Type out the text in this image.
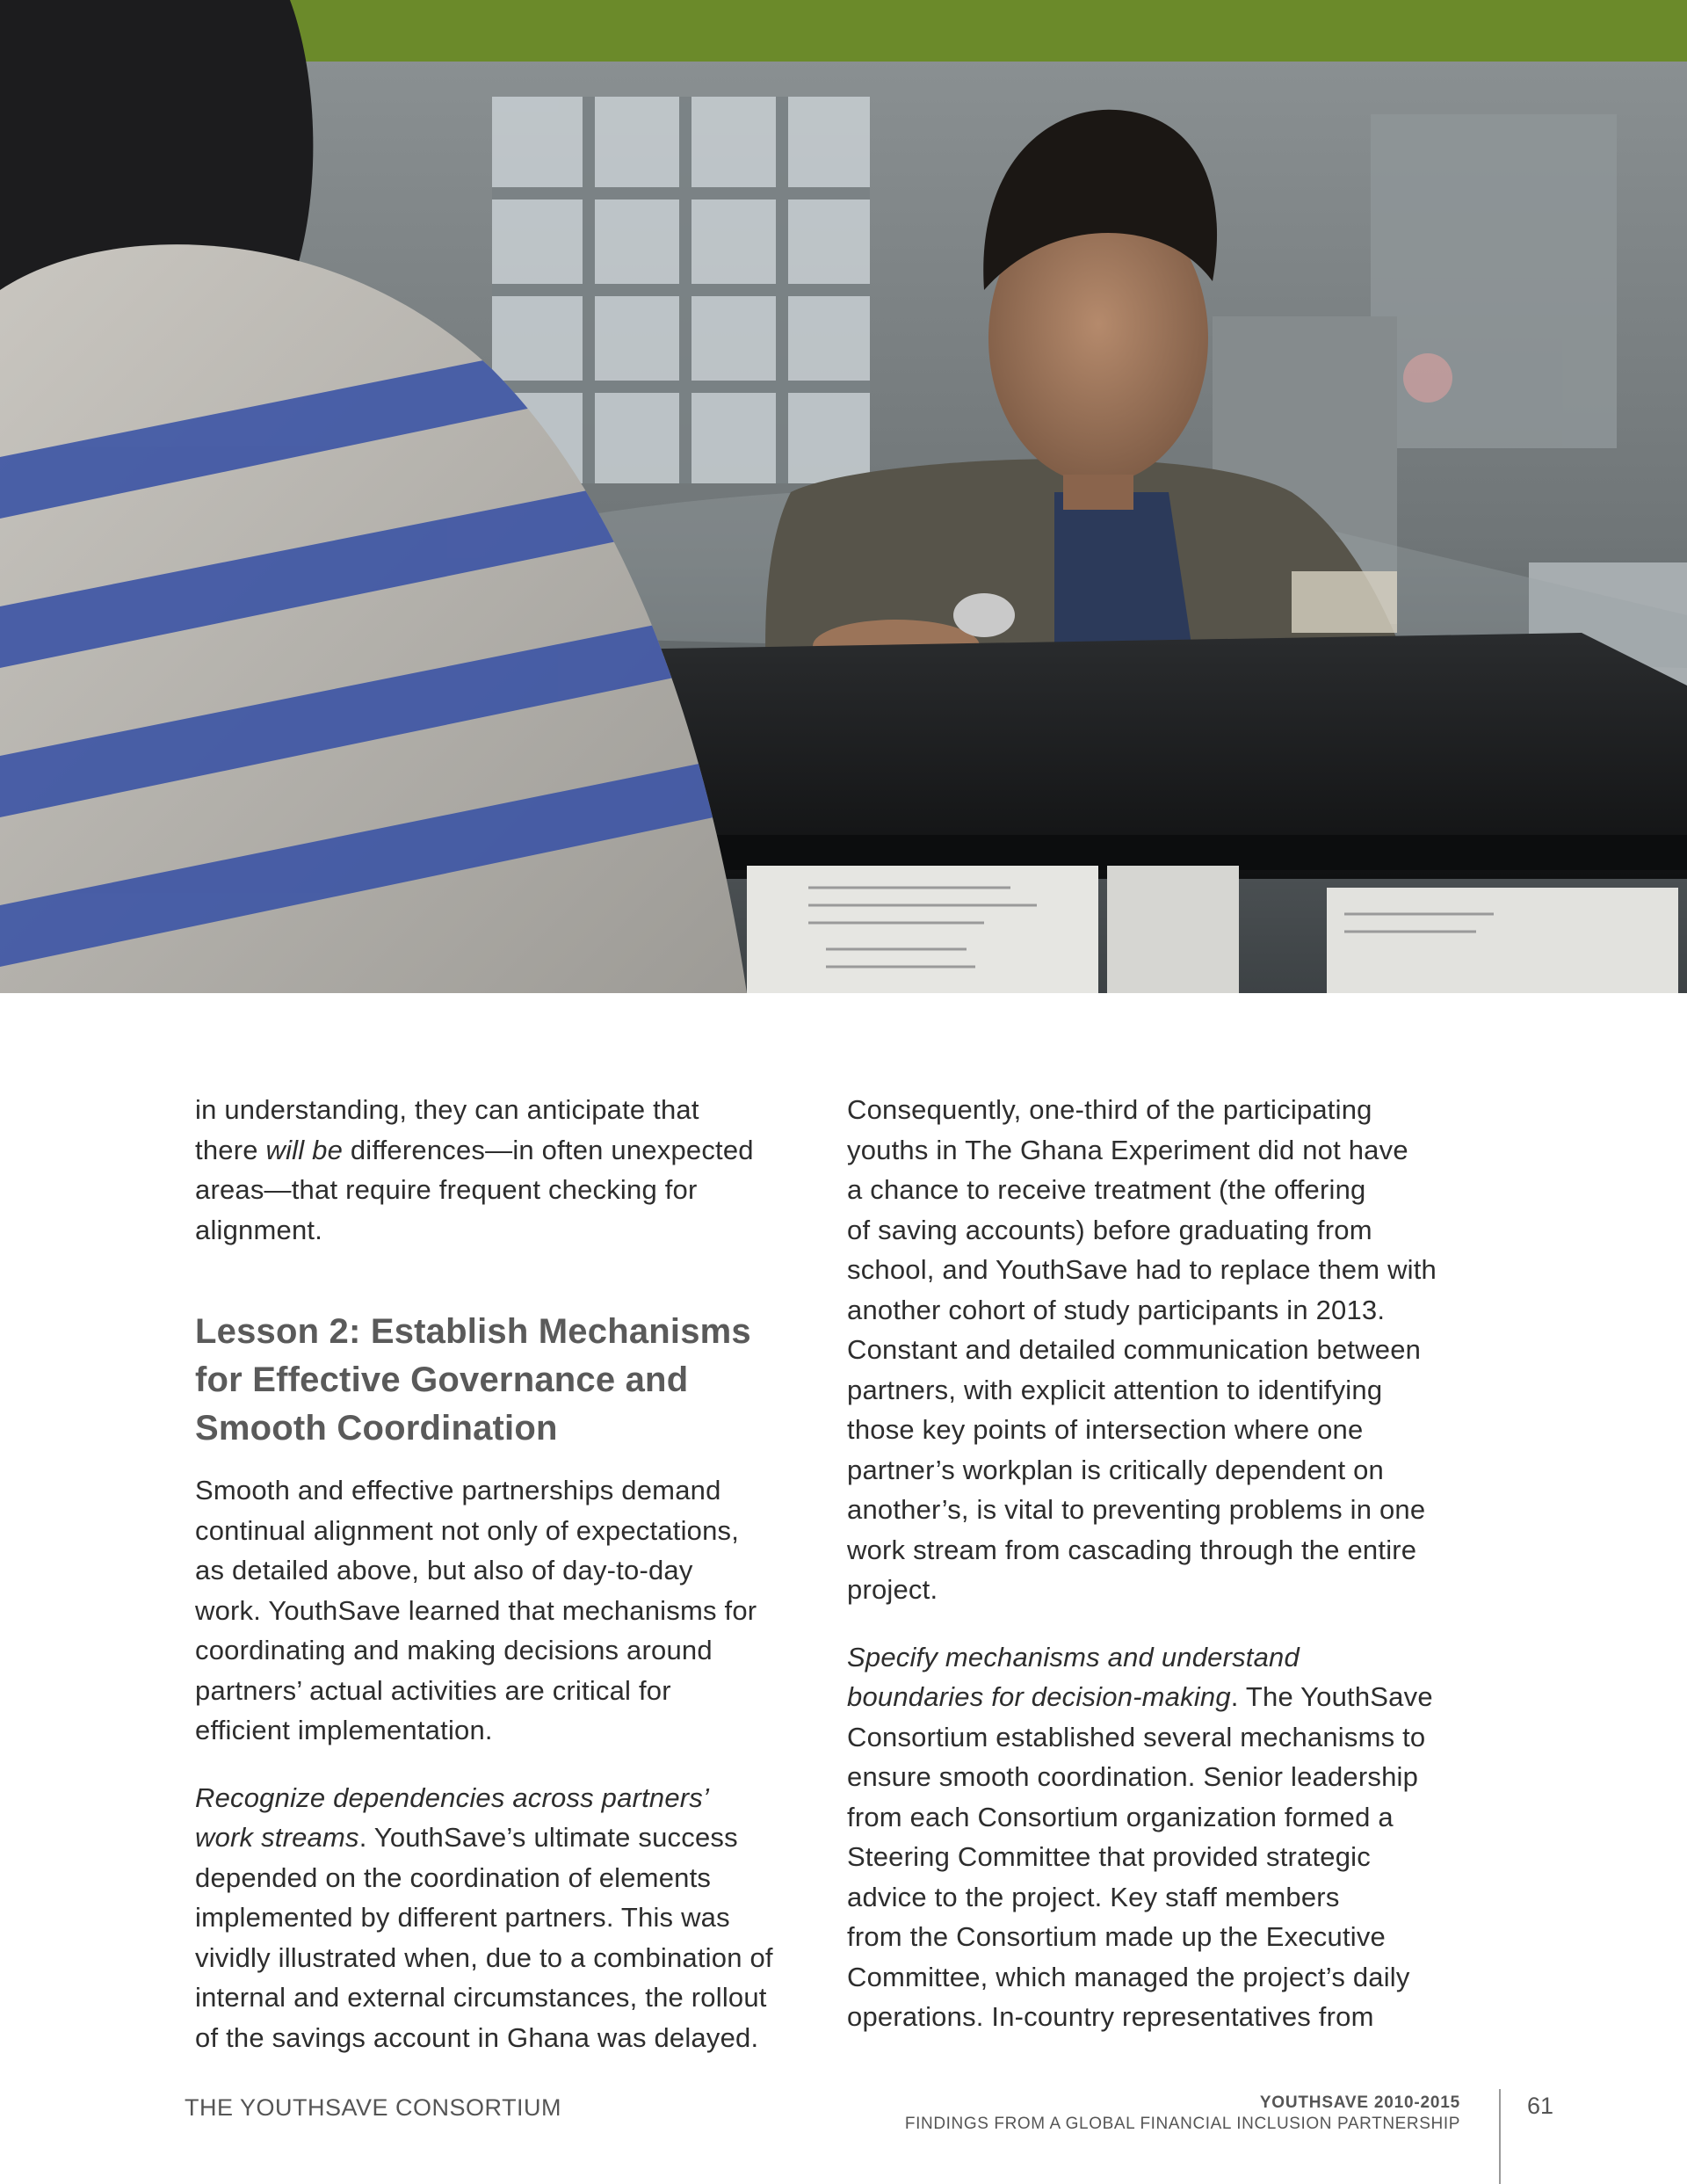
in understanding, they can anticipate that
there will be differences—in often unexpected
areas—that require frequent checking for
alignment.

Lesson 2: Establish Mechanisms
for Effective Governance and
Smooth Coordination

Smooth and effective partnerships demand
continual alignment not only of expectations,
as detailed above, but also of day-to-day
work. YouthSave learned that mechanisms for
coordinating and making decisions around
partners’ actual activities are critical for
efficient implementation.

Recognize dependencies across partners’
work streams. YouthSave’s ultimate success
depended on the coordination of elements
implemented by different partners. This was
vividly illustrated when, due to a combination of
internal and external circumstances, the rollout
of the savings account in Ghana was delayed.

Consequently, one-third of the participating
youths in The Ghana Experiment did not have
a chance to receive treatment (the offering
of saving accounts) before graduating from
school, and YouthSave had to replace them with
another cohort of study participants in 2013.
Constant and detailed communication between
partners, with explicit attention to identifying
those key points of intersection where one
partner’s workplan is critically dependent on
another’s, is vital to preventing problems in one
work stream from cascading through the entire
project.

Specify mechanisms and understand
boundaries for decision-making. The YouthSave
Consortium established several mechanisms to
ensure smooth coordination. Senior leadership
from each Consortium organization formed a
Steering Committee that provided strategic
advice to the project. Key staff members
from the Consortium made up the Executive
Committee, which managed the project’s daily
operations. In-country representatives from

THE YOUTHSAVE CONSORTIUM	YOUTHSAVE 2010-2015
FINDINGS FROM A GLOBAL FINANCIAL INCLUSION PARTNERSHIP
61
